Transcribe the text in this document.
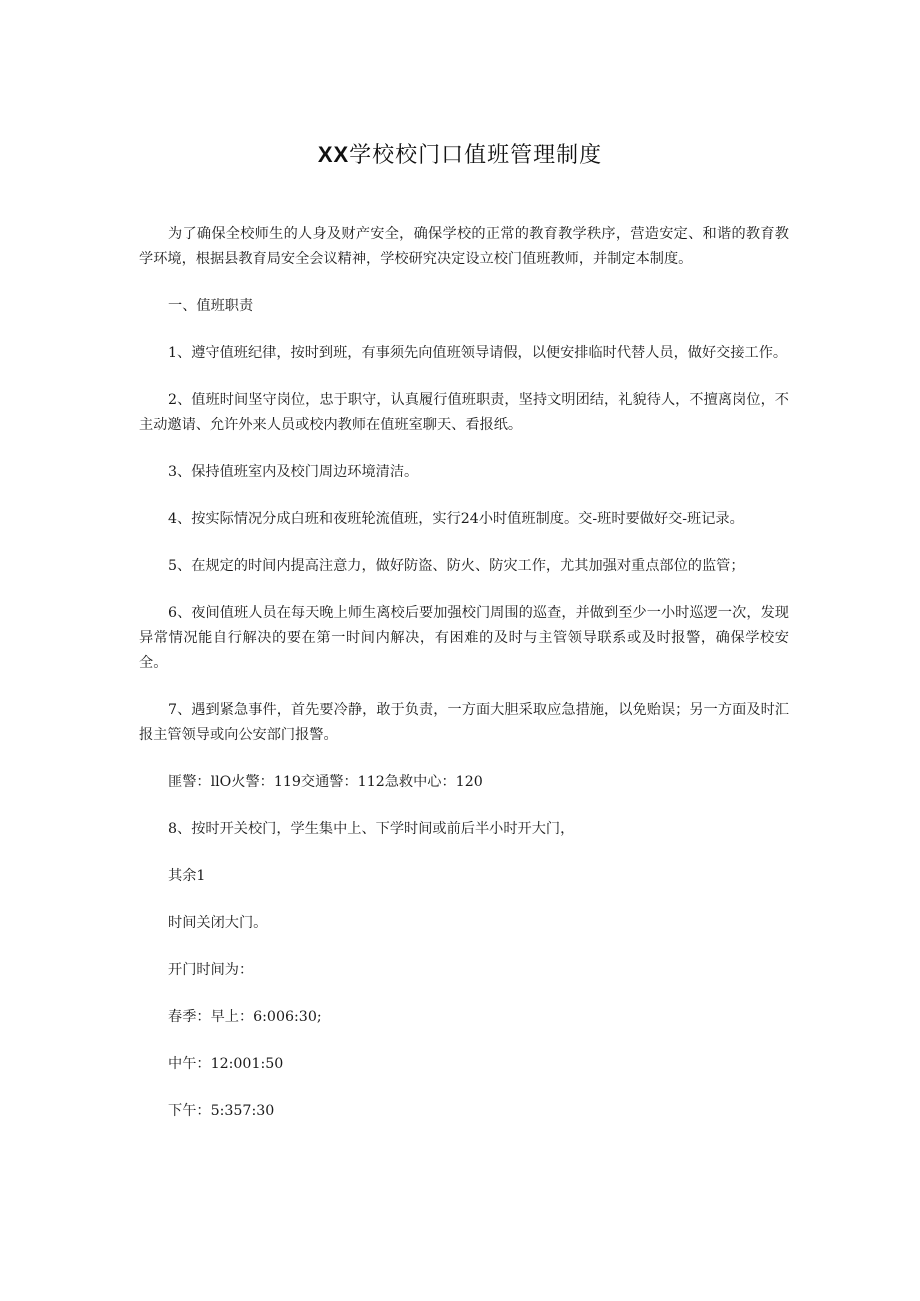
XX学校校门口值班管理制度

为了确保全校师生的人身及财产安全，确保学校的正常的教育教学秩序，营造安定、和谐的教育教学环境，根据县教育局安全会议精神，学校研究决定设立校门值班教师，并制定本制度。

一、值班职责

1、遵守值班纪律，按时到班，有事须先向值班领导请假，以便安排临时代替人员，做好交接工作。

2、值班时间坚守岗位，忠于职守，认真履行值班职责，坚持文明团结，礼貌待人，不擅离岗位，不主动邀请、允许外来人员或校内教师在值班室聊天、看报纸。

3、保持值班室内及校门周边环境清洁。

4、按实际情况分成白班和夜班轮流值班，实行24小时值班制度。交-班时要做好交-班记录。

5、在规定的时间内提高注意力，做好防盗、防火、防灾工作，尤其加强对重点部位的监管；

6、夜间值班人员在每天晚上师生离校后要加强校门周围的巡查，并做到至少一小时巡逻一次，发现异常情况能自行解决的要在第一时间内解决，有困难的及时与主管领导联系或及时报警，确保学校安全。

7、遇到紧急事件，首先要冷静，敢于负责，一方面大胆采取应急措施，以免贻误；另一方面及时汇报主管领导或向公安部门报警。

匪警：llO火警：119交通警：112急救中心：120

8、按时开关校门，学生集中上、下学时间或前后半小时开大门，

其余1

时间关闭大门。

开门时间为：

春季：早上：6:006:30;

中午：12:001:50

下午：5:357:30
